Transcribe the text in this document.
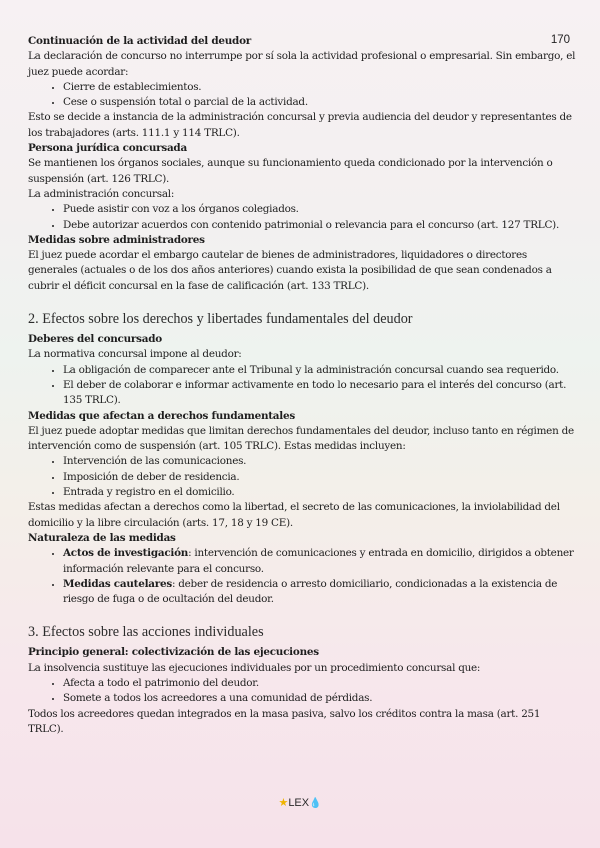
170
Continuación de la actividad del deudor

La declaración de concurso no interrumpe por sí sola la actividad profesional o empresarial. Sin embargo, el juez puede acordar:

• Cierre de establecimientos.
• Cese o suspensión total o parcial de la actividad.

Esto se decide a instancia de la administración concursal y previa audiencia del deudor y representantes de los trabajadores (arts. 111.1 y 114 TRLC).

Persona jurídica concursada

Se mantienen los órganos sociales, aunque su funcionamiento queda condicionado por la intervención o suspensión (art. 126 TRLC).

La administración concursal:

• Puede asistir con voz a los órganos colegiados.
• Debe autorizar acuerdos con contenido patrimonial o relevancia para el concurso (art. 127 TRLC).
Medidas sobre administradores

El juez puede acordar el embargo cautelar de bienes de administradores, liquidadores o directores generales (actuales o de los dos años anteriores) cuando exista la posibilidad de que sean condenados a cubrir el déficit concursal en la fase de calificación (art. 133 TRLC).

2. Efectos sobre los derechos y libertades fundamentales del deudor
Deberes del concursado

La normativa concursal impone al deudor:

• La obligación de comparecer ante el Tribunal y la administración concursal cuando sea requerido.
• El deber de colaborar e informar activamente en todo lo necesario para el interés del concurso (art. 135 TRLC).
Medidas que afectan a derechos fundamentales

El juez puede adoptar medidas que limitan derechos fundamentales del deudor, incluso tanto en régimen de intervención como de suspensión (art. 105 TRLC). Estas medidas incluyen:

• Intervención de las comunicaciones.
• Imposición de deber de residencia.
• Entrada y registro en el domicilio.

Estas medidas afectan a derechos como la libertad, el secreto de las comunicaciones, la inviolabilidad del domicilio y la libre circulación (arts. 17, 18 y 19 CE).

Naturaleza de las medidas
• Actos de investigación: intervención de comunicaciones y entrada en domicilio, dirigidos a obtener información relevante para el concurso.
• Medidas cautelares: deber de residencia o arresto domiciliario, condicionadas a la existencia de riesgo de fuga o de ocultación del deudor.
3. Efectos sobre las acciones individuales
Principio general: colectivización de las ejecuciones

La insolvencia sustituye las ejecuciones individuales por un procedimiento concursal que:

• Afecta a todo el patrimonio del deudor.
• Somete a todos los acreedores a una comunidad de pérdidas.

Todos los acreedores quedan integrados en la masa pasiva, salvo los créditos contra la masa (art. 251 TRLC).

★LEX💧
